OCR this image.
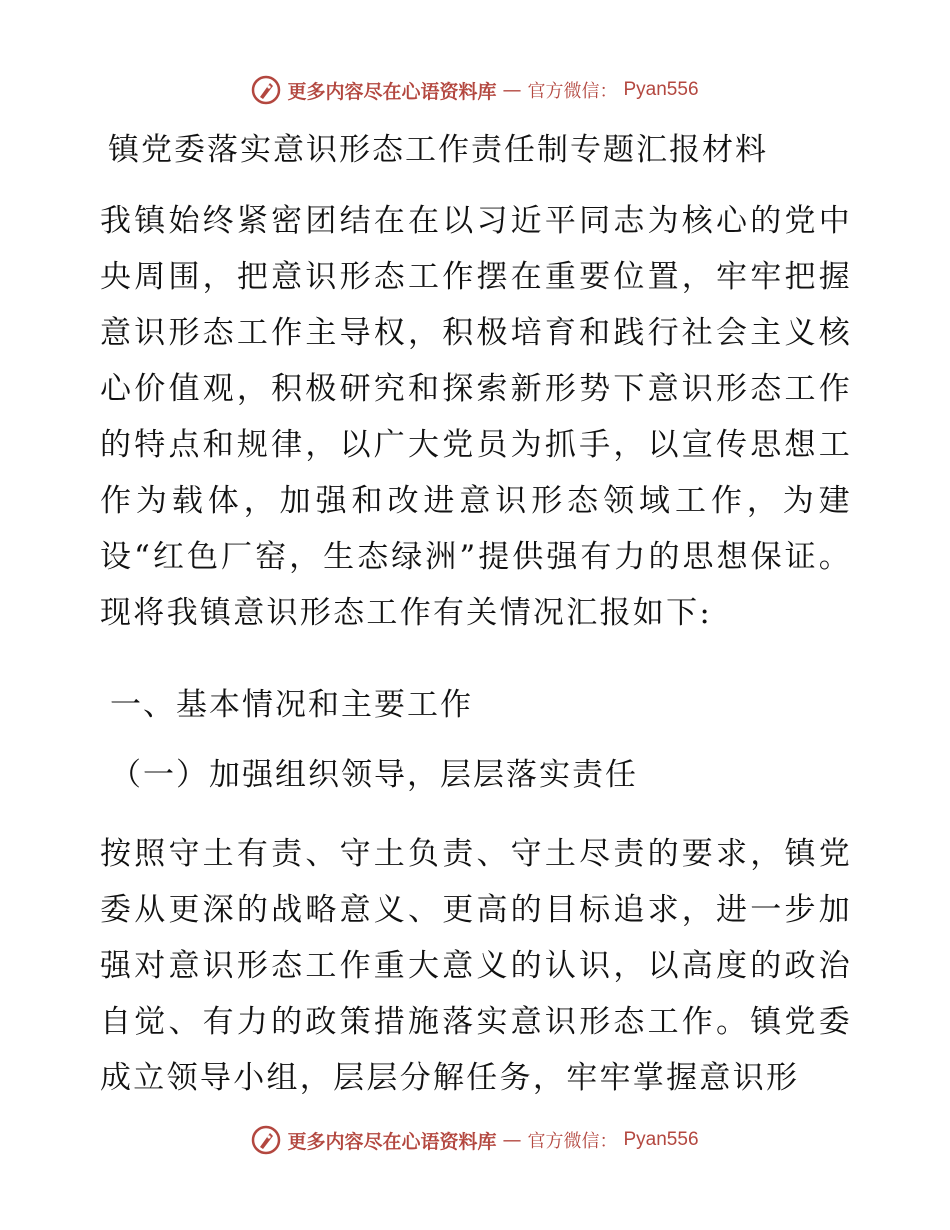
更多内容尽在心语资料库 — 官方微信： Pyan556
镇党委落实意识形态工作责任制专题汇报材料

我镇始终紧密团结在在以习近平同志为核心的党中央周围，把意识形态工作摆在重要位置，牢牢把握意识形态工作主导权，积极培育和践行社会主义核心价值观，积极研究和探索新形势下意识形态工作的特点和规律，以广大党员为抓手，以宣传思想工作为载体，加强和改进意识形态领域工作，为建设“红色厂窑，生态绿洲”提供强有力的思想保证。现将我镇意识形态工作有关情况汇报如下:

一、基本情况和主要工作
（一）加强组织领导，层层落实责任

按照守土有责、守土负责、守土尽责的要求，镇党委从更深的战略意义、更高的目标追求，进一步加强对意识形态工作重大意义的认识，以高度的政治自觉、有力的政策措施落实意识形态工作。镇党委成立领导小组，层层分解任务，牢牢掌握意识形

更多内容尽在心语资料库 — 官方微信： Pyan556
